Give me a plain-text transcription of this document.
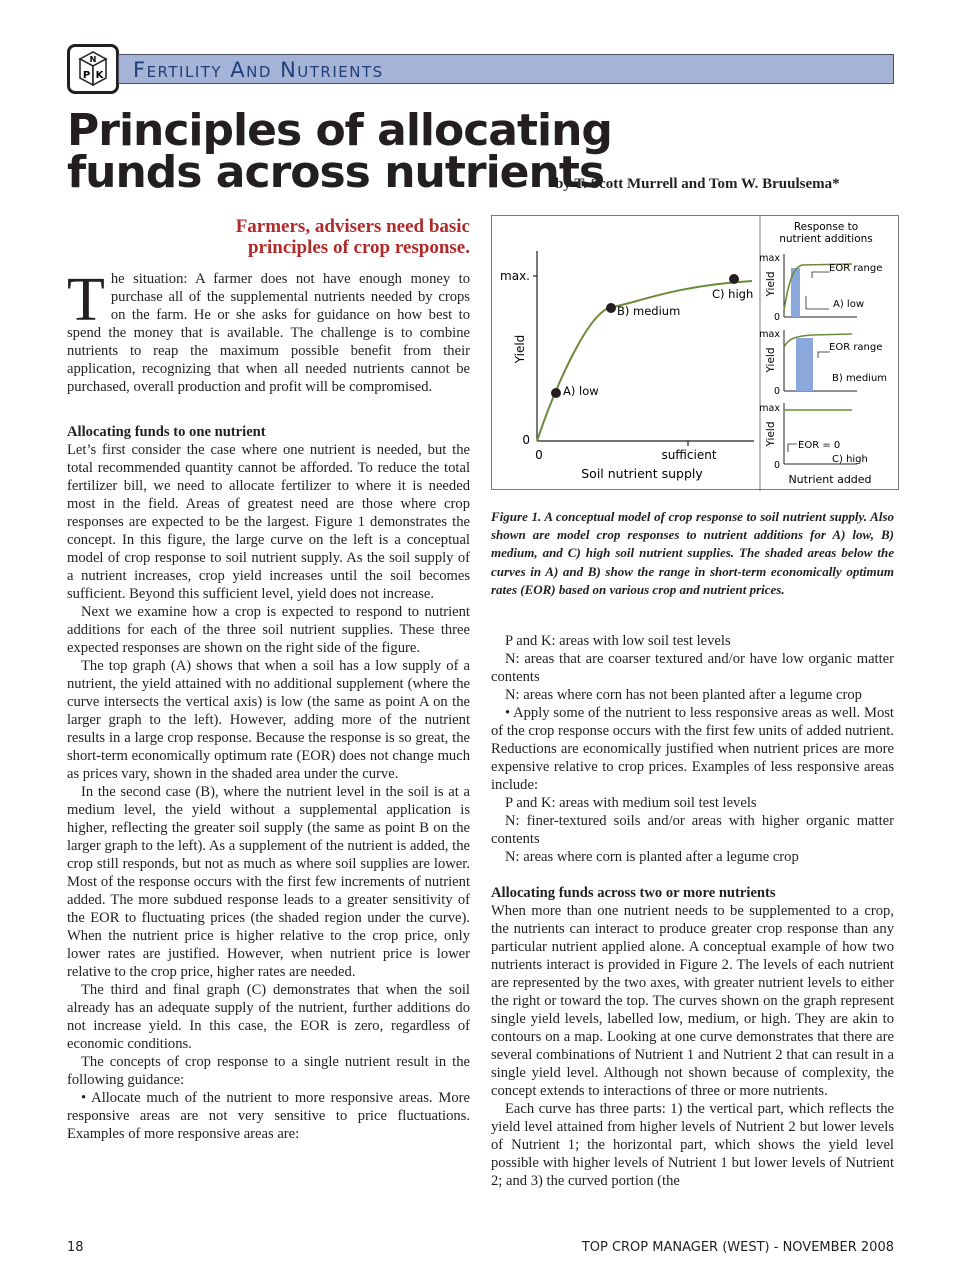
N
P K Fertility And Nutrients
Principles of allocating
funds across nutrients
by T. Scott Murrell and Tom W. Bruulsema*
Farmers, advisers need basic
principles of crop response.

The situation: A farmer does not have enough money to purchase all of the supplemental nutrients needed by crops on the farm. He or she asks for guidance on how best to spend the money that is available. The challenge is to combine nutrients to reap the maximum possible benefit from their application, recognizing that when all needed nutrients cannot be purchased, overall production and profit will be compromised.

Allocating funds to one nutrient

Let’s first consider the case where one nutrient is needed, but the total recommended quantity cannot be afforded. To reduce the total fertilizer bill, we need to allocate fertilizer to where it is needed most in the field. Areas of greatest need are those where crop responses are expected to be the largest. Figure 1 demonstrates the concept. In this figure, the large curve on the left is a conceptual model of crop response to soil nutrient supply. As the soil supply of a nutrient increases, crop yield increases until the soil becomes sufficient. Beyond this sufficient level, yield does not increase.

Next we examine how a crop is expected to respond to nutrient additions for each of the three soil nutrient supplies. These three expected responses are shown on the right side of the figure.

The top graph (A) shows that when a soil has a low supply of a nutrient, the yield attained with no additional supplement (where the curve intersects the vertical axis) is low (the same as point A on the larger graph to the left). However, adding more of the nutrient results in a large crop response. Because the response is so great, the short-term economically optimum rate (EOR) does not change much as prices vary, shown in the shaded area under the curve.

In the second case (B), where the nutrient level in the soil is at a medium level, the yield without a supplemental application is higher, reflecting the greater soil supply (the same as point B on the larger graph to the left). As a supplement of the nutrient is added, the crop still responds, but not as much as where soil supplies are lower. Most of the response occurs with the first few increments of nutrient added. The more subdued response leads to a greater sensitivity of the EOR to fluctuating prices (the shaded region under the curve). When the nutrient price is higher relative to the crop price, only lower rates are justified. However, when nutrient price is lower relative to the crop price, higher rates are needed.

The third and final graph (C) demonstrates that when the soil already has an adequate supply of the nutrient, further additions do not increase yield. In this case, the EOR is zero, regardless of economic conditions.

The concepts of crop response to a single nutrient result in the following guidance:

• Allocate much of the nutrient to more responsive areas. More responsive areas are not very sensitive to price fluctuations. Examples of more responsive areas are:

max.
0
0	sufficient
Soil nutrient supply
Yield
A) low
B) medium
C) high
Response to
nutrient additions
Yield
max
0
EOR range
A) low
Yield
max
0
EOR range
B) medium
Yield
max
0
EOR = 0
C) high
Nutrient added
Figure 1. A conceptual model of crop response to soil nutrient supply. Also shown are model crop responses to nutrient additions for A) low, B) medium, and C) high soil nutrient supplies. The shaded areas below the curves in A) and B) show the range in short-term economically optimum rates (EOR) based on various crop and nutrient prices.

P and K: areas with low soil test levels

N: areas that are coarser textured and/or have low organic matter contents

N: areas where corn has not been planted after a legume crop

• Apply some of the nutrient to less responsive areas as well. Most of the crop response occurs with the first few units of added nutrient. Reductions are economically justified when nutrient prices are more expensive relative to crop prices. Examples of less responsive areas include:

P and K: areas with medium soil test levels

N: finer-textured soils and/or areas with higher organic matter contents

N: areas where corn is planted after a legume crop

Allocating funds across two or more nutrients

When more than one nutrient needs to be supplemented to a crop, the nutrients can interact to produce greater crop response than any particular nutrient applied alone. A conceptual example of how two nutrients interact is provided in Figure 2. The levels of each nutrient are represented by the two axes, with greater nutrient levels to either the right or toward the top. The curves shown on the graph represent single yield levels, labelled low, medium, or high. They are akin to contours on a map. Looking at one curve demonstrates that there are several combinations of Nutrient 1 and Nutrient 2 that can result in a single yield level. Although not shown because of complexity, the concept extends to interactions of three or more nutrients.

Each curve has three parts: 1) the vertical part, which reflects the yield level attained from higher levels of Nutrient 2 but lower levels of Nutrient 1; the horizontal part, which shows the yield level possible with higher levels of Nutrient 1 but lower levels of Nutrient 2; and 3) the curved portion (the

18	TOP CROP MANAGER (WEST) - NOVEMBER 2008
